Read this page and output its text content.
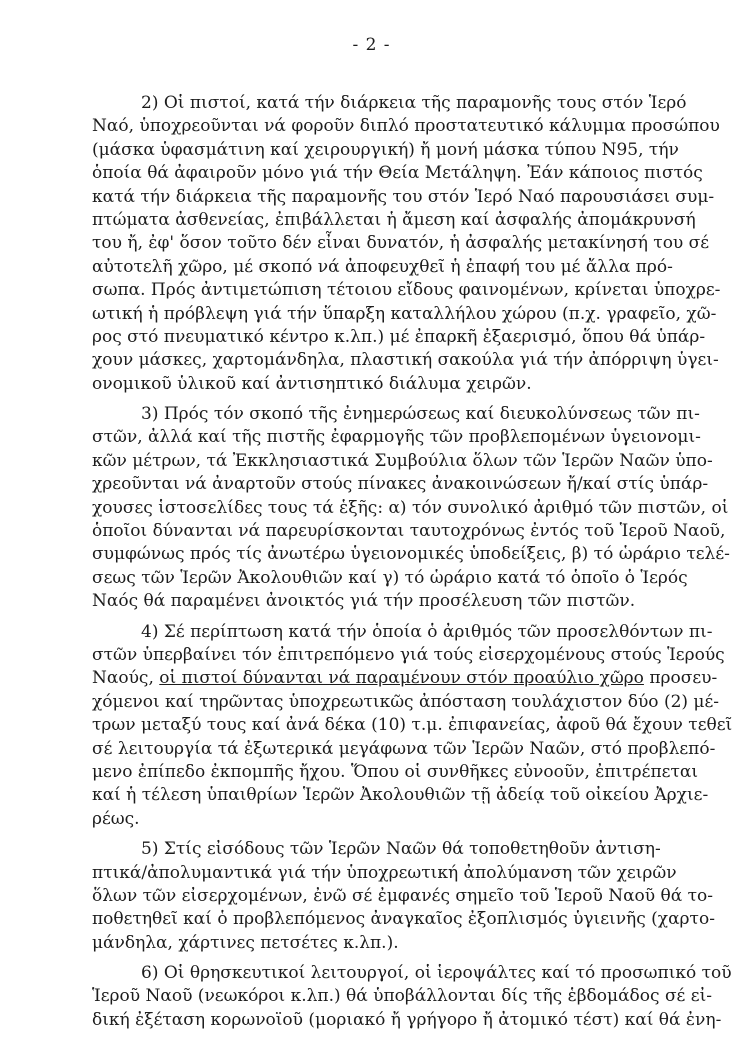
- 2 -
2) Οἱ πιστοί, κατά τήν διάρκεια τῆς παραμονῆς τους στόν Ἱερό
Ναό, ὑποχρεοῦνται νά φοροῦν διπλό προστατευτικό κάλυμμα προσώπου
(μάσκα ὑφασμάτινη καί χειρουργική) ἤ μονή μάσκα τύπου Ν95, τήν
ὁποία θά ἀφαιροῦν μόνο γιά τήν Θεία Μετάληψη. Ἐάν κάποιος πιστός
κατά τήν διάρκεια τῆς παραμονῆς του στόν Ἱερό Ναό παρουσιάσει συμ-
πτώματα ἀσθενείας, ἐπιβάλλεται ἡ ἄμεση καί ἀσφαλής ἀπομάκρυνσή
του ἤ, ἐφ' ὅσον τοῦτο δέν εἶναι δυνατόν, ἡ ἀσφαλής μετακίνησή του σέ
αὐτοτελῆ χῶρο, μέ σκοπό νά ἀποφευχθεῖ ἡ ἐπαφή του μέ ἄλλα πρό-
σωπα. Πρός ἀντιμετώπιση τέτοιου εἴδους φαινομένων, κρίνεται ὑποχρε-
ωτική ἡ πρόβλεψη γιά τήν ὕπαρξη καταλλήλου χώρου (π.χ. γραφεῖο, χῶ-
ρος στό πνευματικό κέντρο κ.λπ.) μέ ἐπαρκῆ ἐξαερισμό, ὅπου θά ὑπάρ-
χουν μάσκες, χαρτομάνδηλα, πλαστική σακούλα γιά τήν ἀπόρριψη ὑγει-
ονομικοῦ ὑλικοῦ καί ἀντισηπτικό διάλυμα χειρῶν.
3) Πρός τόν σκοπό τῆς ἐνημερώσεως καί διευκολύνσεως τῶν πι-
στῶν, ἀλλά καί τῆς πιστῆς ἐφαρμογῆς τῶν προβλεπομένων ὑγειονομι-
κῶν μέτρων, τά Ἐκκλησιαστικά Συμβούλια ὅλων τῶν Ἱερῶν Ναῶν ὑπο-
χρεοῦνται νά ἀναρτοῦν στούς πίνακες ἀνακοινώσεων ἤ/καί στίς ὑπάρ-
χουσες ἱστοσελίδες τους τά ἑξῆς: α) τόν συνολικό ἀριθμό τῶν πιστῶν, οἱ
ὁποῖοι δύνανται νά παρευρίσκονται ταυτοχρόνως ἐντός τοῦ Ἱεροῦ Ναοῦ,
συμφώνως πρός τίς ἀνωτέρω ὑγειονομικές ὑποδείξεις, β) τό ὡράριο τελέ-
σεως τῶν Ἱερῶν Ἀκολουθιῶν καί γ) τό ὡράριο κατά τό ὁποῖο ὁ Ἱερός
Ναός θά παραμένει ἀνοικτός γιά τήν προσέλευση τῶν πιστῶν.
4) Σέ περίπτωση κατά τήν ὁποία ὁ ἀριθμός τῶν προσελθόντων πι-
στῶν ὑπερβαίνει τόν ἐπιτρεπόμενο γιά τούς εἰσερχομένους στούς Ἱερούς
Ναούς, οἱ πιστοί δύνανται νά παραμένουν στόν προαύλιο χῶρο προσευ-
χόμενοι καί τηρῶντας ὑποχρεωτικῶς ἀπόσταση τουλάχιστον δύο (2) μέ-
τρων μεταξύ τους καί ἀνά δέκα (10) τ.μ. ἐπιφανείας, ἀφοῦ θά ἔχουν τεθεῖ
σέ λειτουργία τά ἐξωτερικά μεγάφωνα τῶν Ἱερῶν Ναῶν, στό προβλεπό-
μενο ἐπίπεδο ἐκπομπῆς ἤχου. Ὅπου οἱ συνθῆκες εὐνοοῦν, ἐπιτρέπεται
καί ἡ τέλεση ὑπαιθρίων Ἱερῶν Ἀκολουθιῶν τῇ ἀδείᾳ τοῦ οἰκείου Ἀρχιε-
ρέως.
5) Στίς εἰσόδους τῶν Ἱερῶν Ναῶν θά τοποθετηθοῦν ἀντιση-
πτικά/ἀπολυμαντικά γιά τήν ὑποχρεωτική ἀπολύμανση τῶν χειρῶν
ὅλων τῶν εἰσερχομένων, ἐνῶ σέ ἐμφανές σημεῖο τοῦ Ἱεροῦ Ναοῦ θά το-
ποθετηθεῖ καί ὁ προβλεπόμενος ἀναγκαῖος ἐξοπλισμός ὑγιεινῆς (χαρτο-
μάνδηλα, χάρτινες πετσέτες κ.λπ.).
6) Οἱ θρησκευτικοί λειτουργοί, οἱ ἱεροψάλτες καί τό προσωπικό τοῦ
Ἱεροῦ Ναοῦ (νεωκόροι κ.λπ.) θά ὑποβάλλονται δίς τῆς ἑβδομάδος σέ εἰ-
δική ἐξέταση κορωνοϊοῦ (μοριακό ἤ γρήγορο ἤ ἀτομικό τέστ) καί θά ἐνη-
